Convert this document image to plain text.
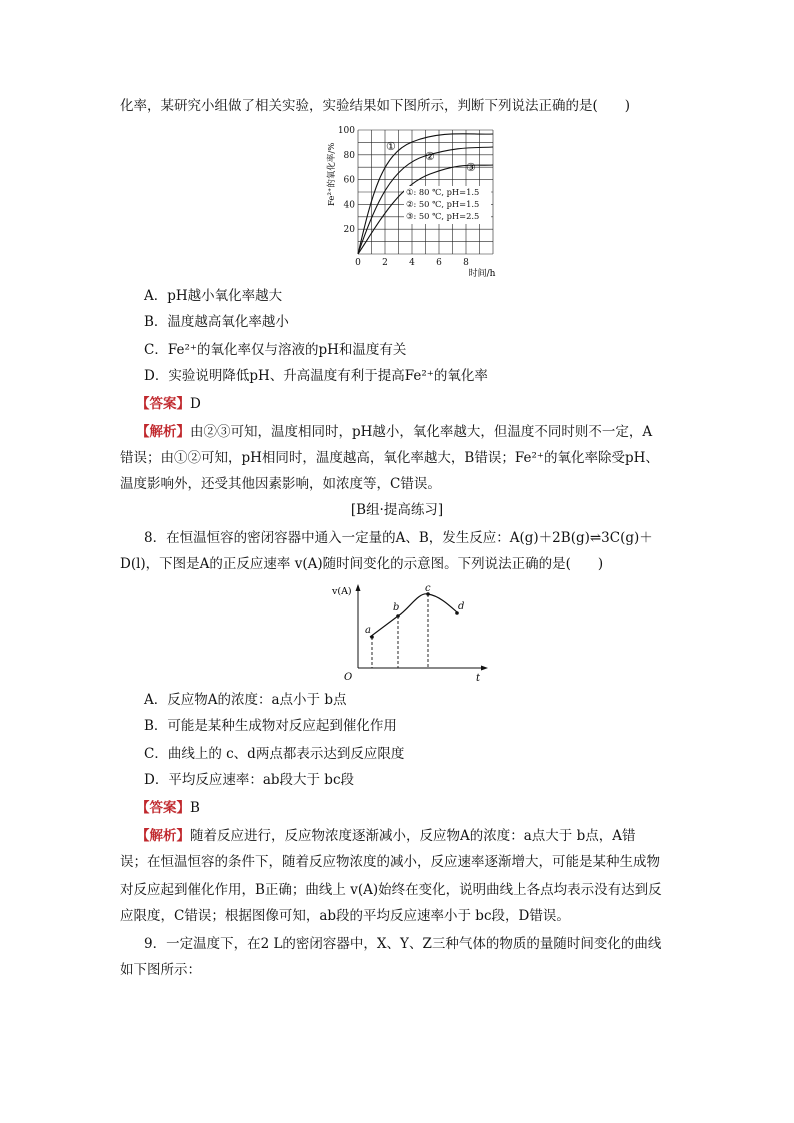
化率，某研究小组做了相关实验，实验结果如下图所示，判断下列说法正确的是(　　)
100
80
60
40
20
0 2 4 6 8
时间/h
Fe²⁺的氧化率/%	①
②
③
①: 80 ℃, pH=1.5
②: 50 ℃, pH=1.5
③: 50 ℃, pH=2.5
A．pH越小氧化率越大
B．温度越高氧化率越小
C．Fe²⁺的氧化率仅与溶液的pH和温度有关
D．实验说明降低pH、升高温度有利于提高Fe²⁺的氧化率
【答案】D
【解析】由②③可知，温度相同时，pH越小，氧化率越大，但温度不同时则不一定，A
错误；由①②可知，pH相同时，温度越高，氧化率越大，B错误；Fe²⁺的氧化率除受pH、
温度影响外，还受其他因素影响，如浓度等，C错误。
[B组·提高练习]
8．在恒温恒容的密闭容器中通入一定量的A、B，发生反应：A(g)＋2B(g)⇌3C(g)＋
D(l)，下图是A的正反应速率 v(A)随时间变化的示意图。下列说法正确的是(　　)
a
b
c
d
v(A)
O	t
A．反应物A的浓度：a点小于 b点
B．可能是某种生成物对反应起到催化作用
C．曲线上的 c、d两点都表示达到反应限度
D．平均反应速率：ab段大于 bc段
【答案】B
【解析】随着反应进行，反应物浓度逐渐减小，反应物A的浓度：a点大于 b点，A错
误；在恒温恒容的条件下，随着反应物浓度的减小，反应速率逐渐增大，可能是某种生成物
对反应起到催化作用，B正确；曲线上 v(A)始终在变化，说明曲线上各点均表示没有达到反
应限度，C错误；根据图像可知，ab段的平均反应速率小于 bc段，D错误。
9．一定温度下，在2 L的密闭容器中，X、Y、Z三种气体的物质的量随时间变化的曲线
如下图所示：
